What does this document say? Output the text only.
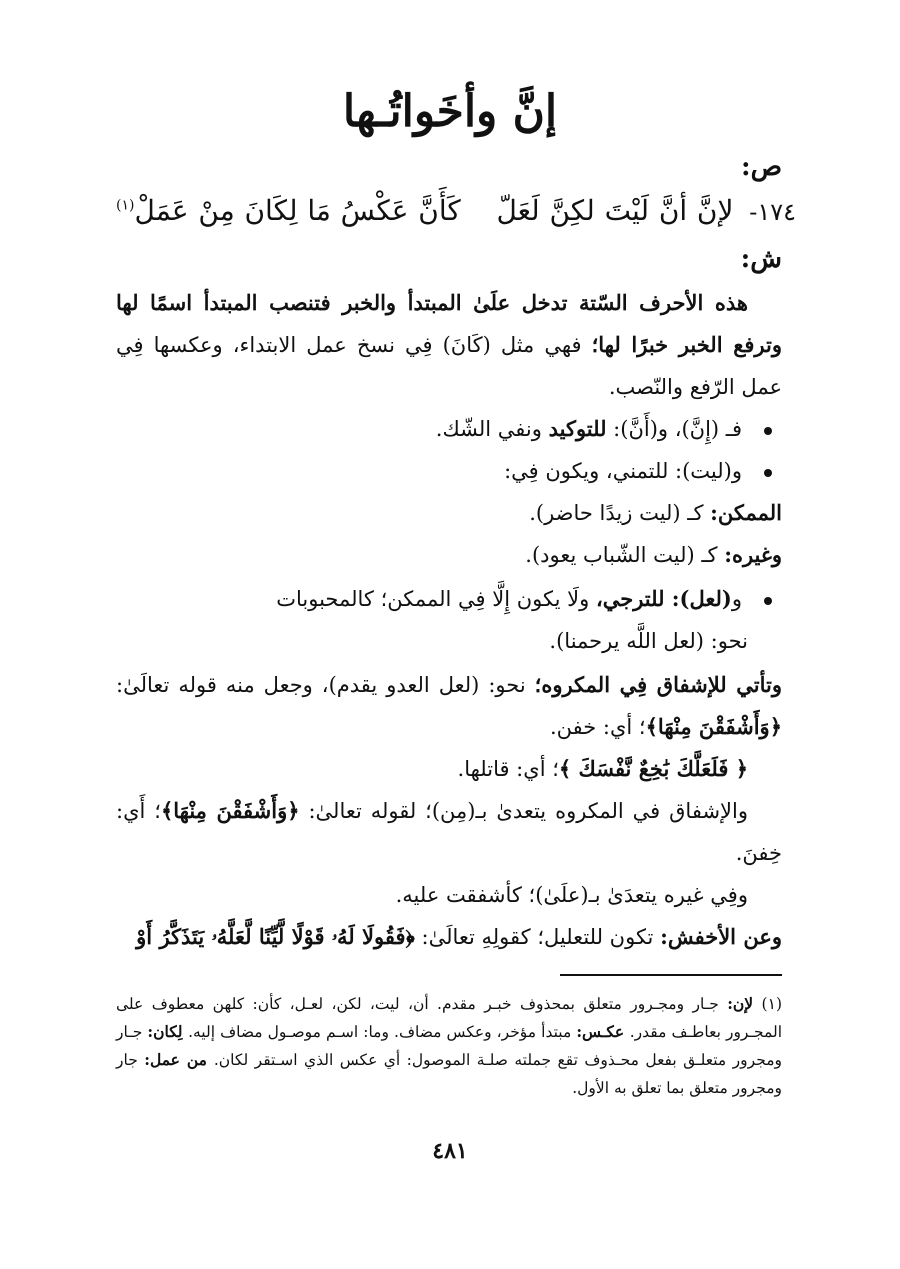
إنَّ وأخَواتُـها

ص:

١٧٤-
لإنَّ
أنَّ
لَيْتَ
لكِنَّ
لَعَلّ
كَأَنَّ
عَكْسُ
مَا
لِكَانَ
مِنْ
عَمَلْ$^{(١)}$

ش:

هذه الأحرف السّتة تدخل علَىٰ المبتدأ والخبر فتنصب المبتدأ اسمًا لها وترفع الخبر خبرًا لها؛ فهي مثل (كَانَ) فِي نسخ عمل الابتداء، وعكسها فِي عمل الرّفع والنّصب.

فـ (إِنَّ)، و(أَنَّ): للتوكيد ونفي الشّك.

و(ليت): للتمني، ويكون فِي:

الممكن: كـ (ليت زيدًا حاضر).

وغيره: كـ (ليت الشّباب يعود).

و(لعل): للترجي، ولَا يكون إِلَّا فِي الممكن؛ كالمحبوبات

نحو: (لعل اللَّه يرحمنا).

وتأتي للإشفاق فِي المكروه؛ نحو: (لعل العدو يقدم)، وجعل منه قوله تعالَىٰ: ﴿وَأَشْفَقْنَ مِنْهَا﴾؛ أي: خفن.

﴿ فَلَعَلَّكَ بَٰخِعٌ نَّفْسَكَ ﴾؛ أي: قاتلها.

والإشفاق في المكروه يتعدىٰ بـ(مِن)؛ لقوله تعالىٰ: ﴿وَأَشْفَقْنَ مِنْهَا﴾؛ أَي: خِفنَ.

وفِي غيره يتعدَىٰ بـ(علَىٰ)؛ كأشفقت عليه.

وعن الأخفش: تكون للتعليل؛ كقولِهِ تعالَىٰ: ﴿فَقُولَا لَهُۥ قَوْلًا لَّيِّنًا لَّعَلَّهُۥ يَتَذَكَّرُ أَوْ

(١) لإن: جـار ومجـرور متعلق بمحذوف خبـر مقدم. أن، ليت، لكن، لعـل، كأن: كلهن معطوف على المجـرور بعاطـف مقدر. عكـس: مبتدأ مؤخر، وعكس مضاف. وما: اسـم موصـول مضاف إليه. لِكان: جـار ومجرور متعلـق بفعل محـذوف تقع جملته صلـة الموصول: أي عكس الذي اسـتقر لكان. من عمل: جار ومجرور متعلق بما تعلق به الأول.

٤٨١
